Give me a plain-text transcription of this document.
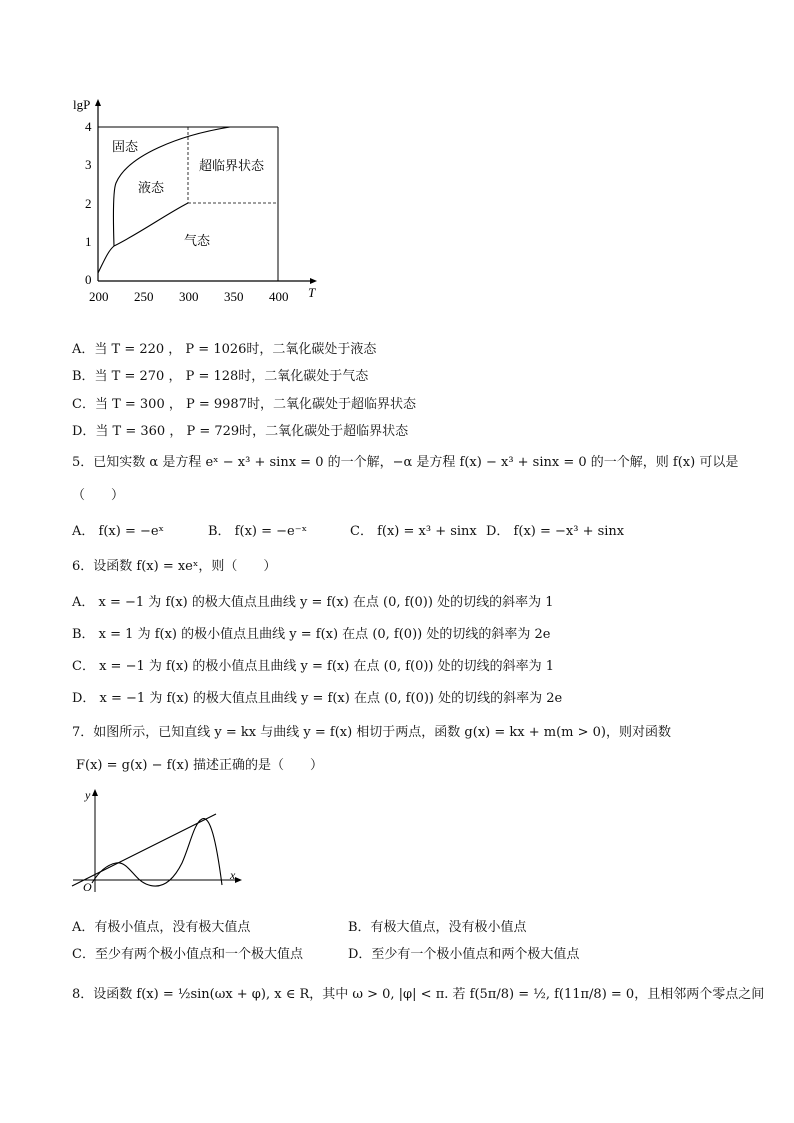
4
3
2
1
0
200 250 300 350 400
lgP
T
固态
液态
超临界状态
气态
A．当 T = 220 ， P = 1026时，二氧化碳处于液态
B．当 T = 270 ， P = 128时，二氧化碳处于气态
C．当 T = 300 ， P = 9987时，二氧化碳处于超临界状态
D．当 T = 360 ， P = 729时，二氧化碳处于超临界状态
5．已知实数 α 是方程 eˣ − x³ + sinx = 0 的一个解，−α 是方程 f(x) − x³ + sinx = 0 的一个解，则 f(x) 可以是
（　　）
A． f(x) = −eˣ	B． f(x) = −e⁻ˣ	C． f(x) = x³ + sinx D． f(x) = −x³ + sinx
6．设函数 f(x) = xeˣ，则（　　）
A． x = −1 为 f(x) 的极大值点且曲线 y = f(x) 在点 (0, f(0)) 处的切线的斜率为 1
B． x = 1 为 f(x) 的极小值点且曲线 y = f(x) 在点 (0, f(0)) 处的切线的斜率为 2e
C． x = −1 为 f(x) 的极小值点且曲线 y = f(x) 在点 (0, f(0)) 处的切线的斜率为 1
D． x = −1 为 f(x) 的极大值点且曲线 y = f(x) 在点 (0, f(0)) 处的切线的斜率为 2e
7．如图所示，已知直线 y = kx 与曲线 y = f(x) 相切于两点，函数 g(x) = kx + m(m > 0)，则对函数
F(x) = g(x) − f(x) 描述正确的是（　　）
y
x
O
A．有极小值点，没有极大值点	B．有极大值点，没有极小值点
C．至少有两个极小值点和一个极大值点	D．至少有一个极小值点和两个极大值点
8．设函数 f(x) = ½sin(ωx + φ), x ∈ R，其中 ω > 0, |φ| < π. 若 f(5π/8) = ½, f(11π/8) = 0，且相邻两个零点之间
